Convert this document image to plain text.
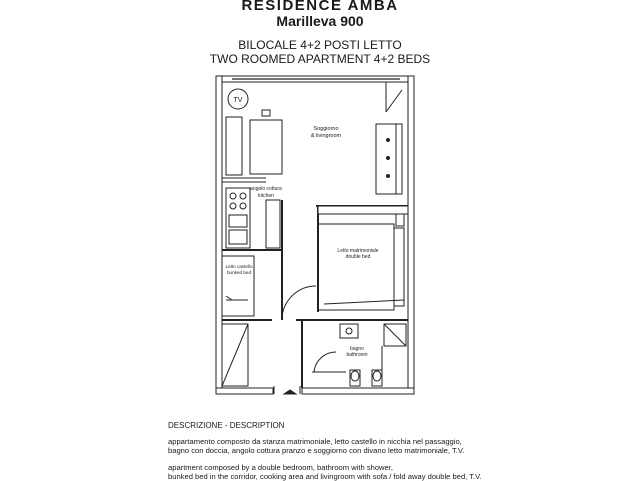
RESIDENCE AMBA
Marilleva 900
BILOCALE 4+2 POSTI LETTO
TWO ROOMED APARTMENT 4+2 BEDS
TV
Soggiorno
& livingroom
angolo cottura
kitchen
Letto matrimoniale
double bed
Letto castello
bunked bed
bagno
bathroom
DESCRIZIONE - DESCRIPTION
appartamento composto da stanza matrimoniale, letto castello in nicchia nel passaggio,
bagno con doccia, angolo cottura pranzo e soggiorno con divano letto matrimoniale, T.V.
apartment composed by a double bedroom, bathroom with shower,
bunked bed in the corridor, cooking area and livingroom with sofa / fold away double bed, T.V.
